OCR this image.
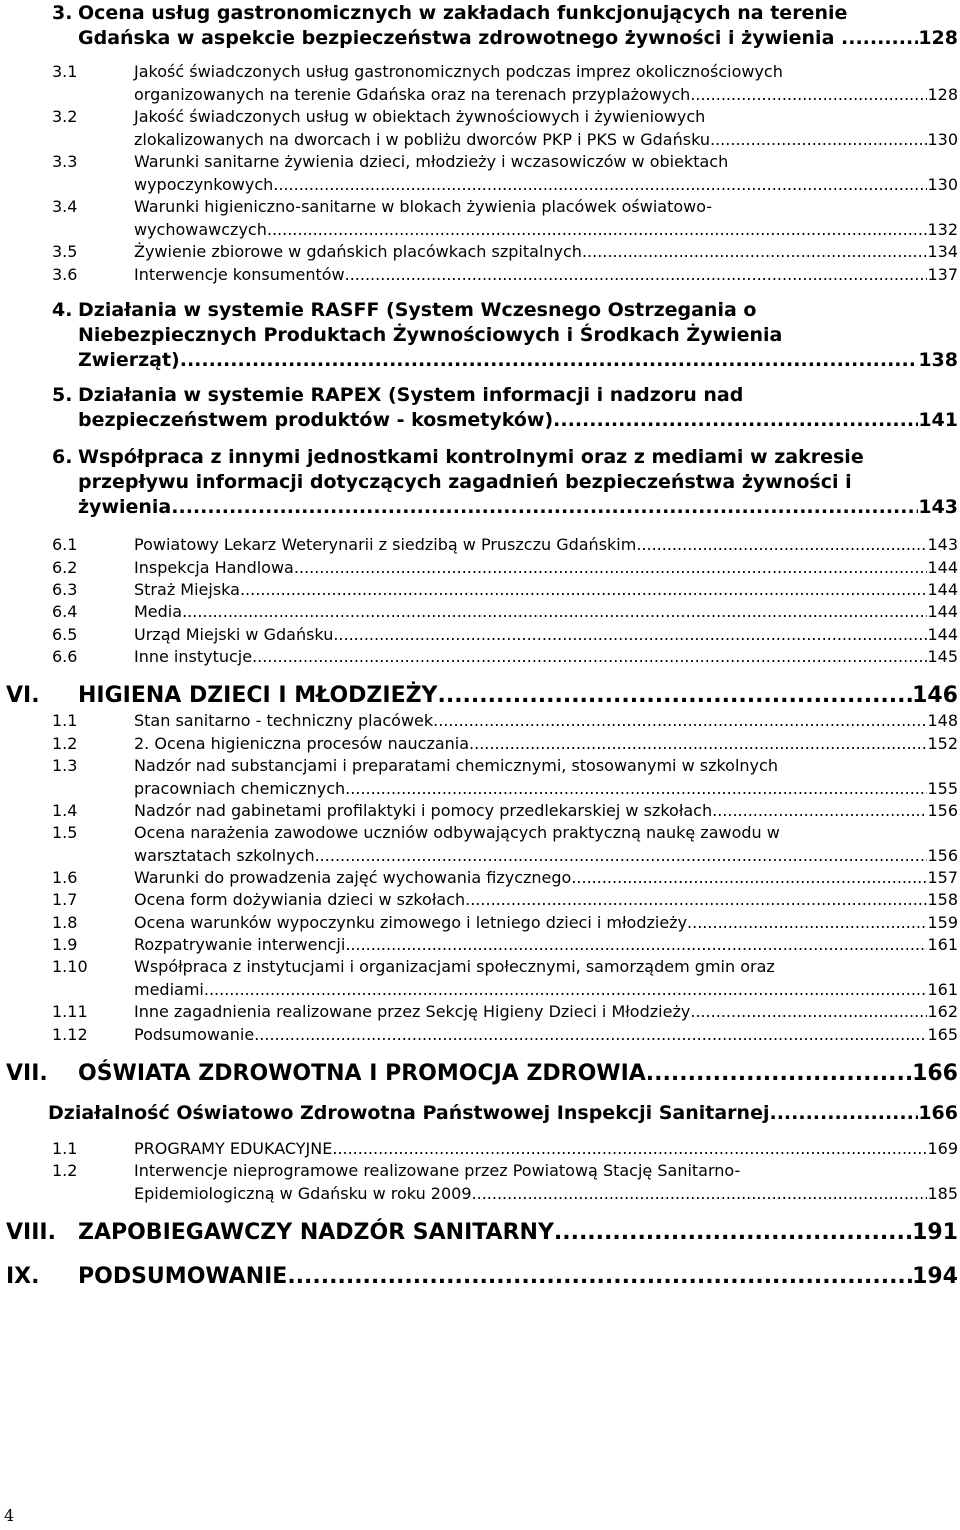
3. Ocena usług gastronomicznych w zakładach funkcjonujących na terenie
Gdańska w aspekcie bezpieczeństwa zdrowotnego żywności i żywienia . .....	128
3.1	Jakość świadczonych usług gastronomicznych podczas imprez okolicznościowych
organizowanych na terenie Gdańska oraz na terenach przyplażowych .....	128
3.2	Jakość świadczonych usług w obiektach żywnościowych i żywieniowych
zlokalizowanych na dworcach i w pobliżu dworców PKP i PKS w Gdańsku .....	130
3.3	Warunki sanitarne żywienia dzieci, młodzieży i wczasowiczów w obiektach
wypoczynkowych .....	130
3.4	Warunki higieniczno-sanitarne w blokach żywienia placówek oświatowo-
wychowawczych .....	132
3.5	Żywienie zbiorowe w gdańskich placówkach szpitalnych .....	134
3.6	Interwencje konsumentów .....	137
4. Działania w systemie RASFF (System Wczesnego Ostrzegania o
Niebezpiecznych Produktach Żywnościowych i Środkach Żywienia
Zwierząt). .....	138
5. Działania w systemie RAPEX (System informacji i nadzoru nad
bezpieczeństwem produktów - kosmetyków). .....	141
6. Współpraca z innymi jednostkami kontrolnymi oraz z mediami w zakresie
przepływu informacji dotyczących zagadnień bezpieczeństwa żywności i
żywienia. .....	143
6.1	Powiatowy Lekarz Weterynarii z siedzibą w Pruszczu Gdańskim .....	143
6.2	Inspekcja Handlowa .....	144
6.3	Straż Miejska .....	144
6.4	Media .....	144
6.5	Urząd Miejski w Gdańsku .....	144
6.6	Inne instytucje .....	145
VI. HIGIENA DZIECI I MŁODZIEŻY .....	146
1.1	Stan sanitarno - techniczny placówek .....	148
1.2	2. Ocena higieniczna procesów nauczania .....	152
1.3	Nadzór nad substancjami i preparatami chemicznymi, stosowanymi w szkolnych
pracowniach chemicznych. .....	155
1.4	Nadzór nad gabinetami profilaktyki i pomocy przedlekarskiej w szkołach .....	156
1.5	Ocena narażenia zawodowe uczniów odbywających praktyczną naukę zawodu w
warsztatach szkolnych .....	156
1.6	Warunki do prowadzenia zajęć wychowania fizycznego .....	157
1.7	Ocena form dożywiania dzieci w szkołach .....	158
1.8	Ocena warunków wypoczynku zimowego i letniego dzieci i młodzieży .....	159
1.9	Rozpatrywanie interwencji .....	161
1.10	Współpraca z instytucjami i organizacjami społecznymi, samorządem gmin oraz
mediami. .....	161
1.11	Inne zagadnienia realizowane przez Sekcję Higieny Dzieci i Młodzieży .....	162
1.12	Podsumowanie .....	165
VII. OŚWIATA ZDROWOTNA I PROMOCJA ZDROWIA .....	166
Działalność Oświatowo Zdrowotna Państwowej Inspekcji Sanitarnej .....	166
1.1	PROGRAMY EDUKACYJNE .....	169
1.2	Interwencje nieprogramowe realizowane przez Powiatową Stację Sanitarno-
Epidemiologiczną w Gdańsku w roku 2009 .....	185
VIII. ZAPOBIEGAWCZY NADZÓR SANITARNY .....	191
IX. PODSUMOWANIE .....	194
4
